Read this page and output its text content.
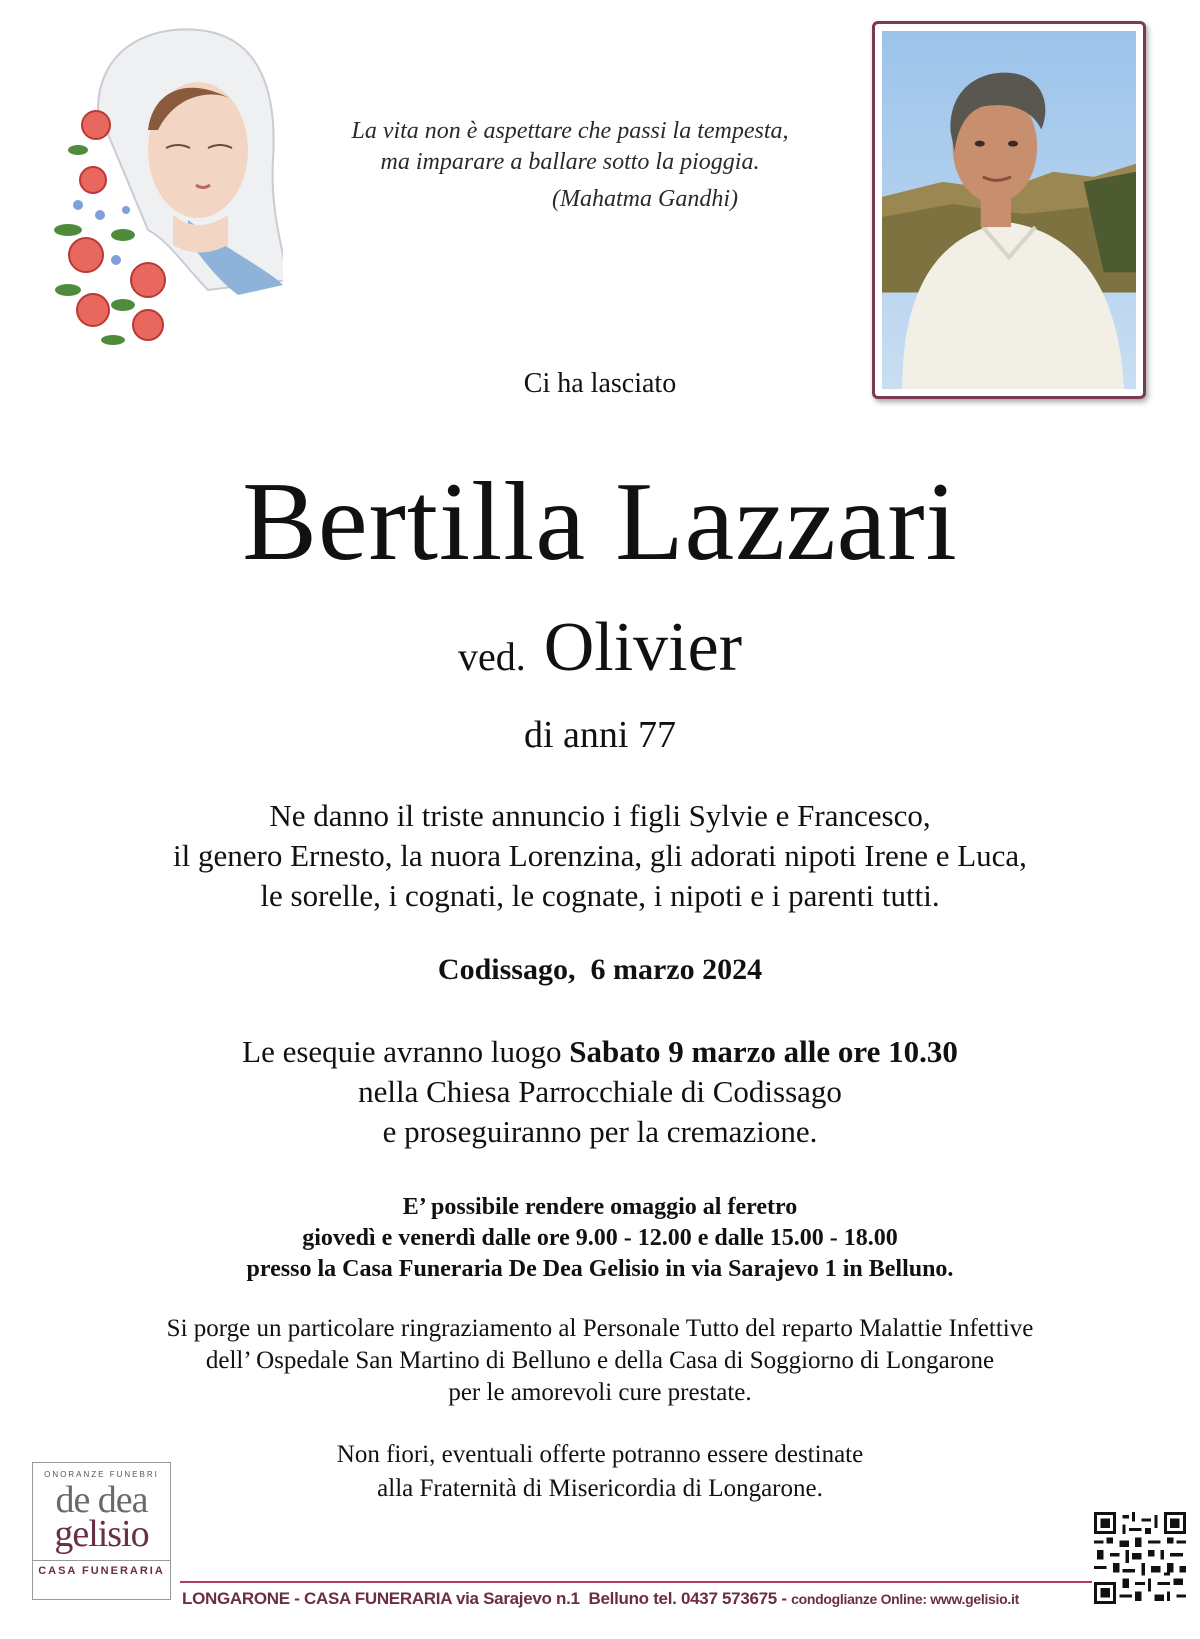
La vita non è aspettare che passi la tempesta,
ma imparare a ballare sotto la pioggia.
(Mahatma Gandhi)
Ci ha lasciato
Bertilla Lazzari
ved. Olivier
di anni 77
Ne danno il triste annuncio i figli Sylvie e Francesco,
il genero Ernesto, la nuora Lorenzina, gli adorati nipoti Irene e Luca,
le sorelle, i cognati, le cognate, i nipoti e i parenti tutti.
Codissago,  6 marzo 2024
Le esequie avranno luogo Sabato 9 marzo alle ore 10.30
nella Chiesa Parrocchiale di Codissago
e proseguiranno per la cremazione.
E’ possibile rendere omaggio al feretro
giovedì e venerdì dalle ore 9.00 - 12.00 e dalle 15.00 - 18.00
presso la Casa Funeraria De Dea Gelisio in via Sarajevo 1 in Belluno.
Si porge un particolare ringraziamento al Personale Tutto del reparto Malattie Infettive
dell’ Ospedale San Martino di Belluno e della Casa di Soggiorno di Longarone
per le amorevoli cure prestate.
Non fiori, eventuali offerte potranno essere destinate
alla Fraternità di Misericordia di Longarone.
ONORANZE FUNEBRI
de dea
gelisio
CASA FUNERARIA
LONGARONE - CASA FUNERARIA via Sarajevo n.1  Belluno tel. 0437 573675 - condoglianze Online: www.gelisio.it
